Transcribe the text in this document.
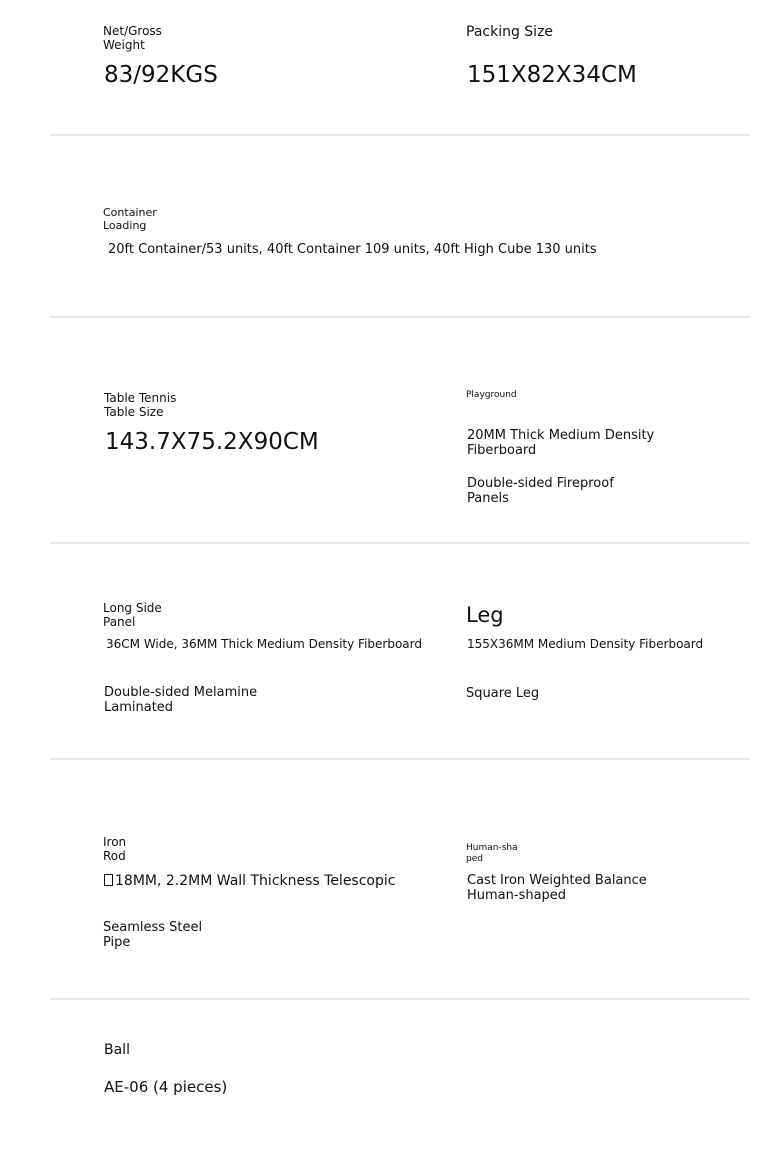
Net/Gross
Weight
83/92KGS
Packing Size
151X82X34CM
Container
Loading
20ft Container/53 units, 40ft Container 109 units, 40ft High Cube 130 units
Table Tennis
Table Size
143.7X75.2X90CM
Playground
20MM Thick Medium Density
Fiberboard
Double-sided Fireproof
Panels
Long Side
Panel
36CM Wide, 36MM Thick Medium Density Fiberboard
Double-sided Melamine
Laminated
Leg
155X36MM Medium Density Fiberboard
Square Leg
Iron
Rod
18MM, 2.2MM Wall Thickness Telescopic
Seamless Steel
Pipe
Human-sha
ped
Cast Iron Weighted Balance
Human-shaped
Ball
AE-06 (4 pieces)
